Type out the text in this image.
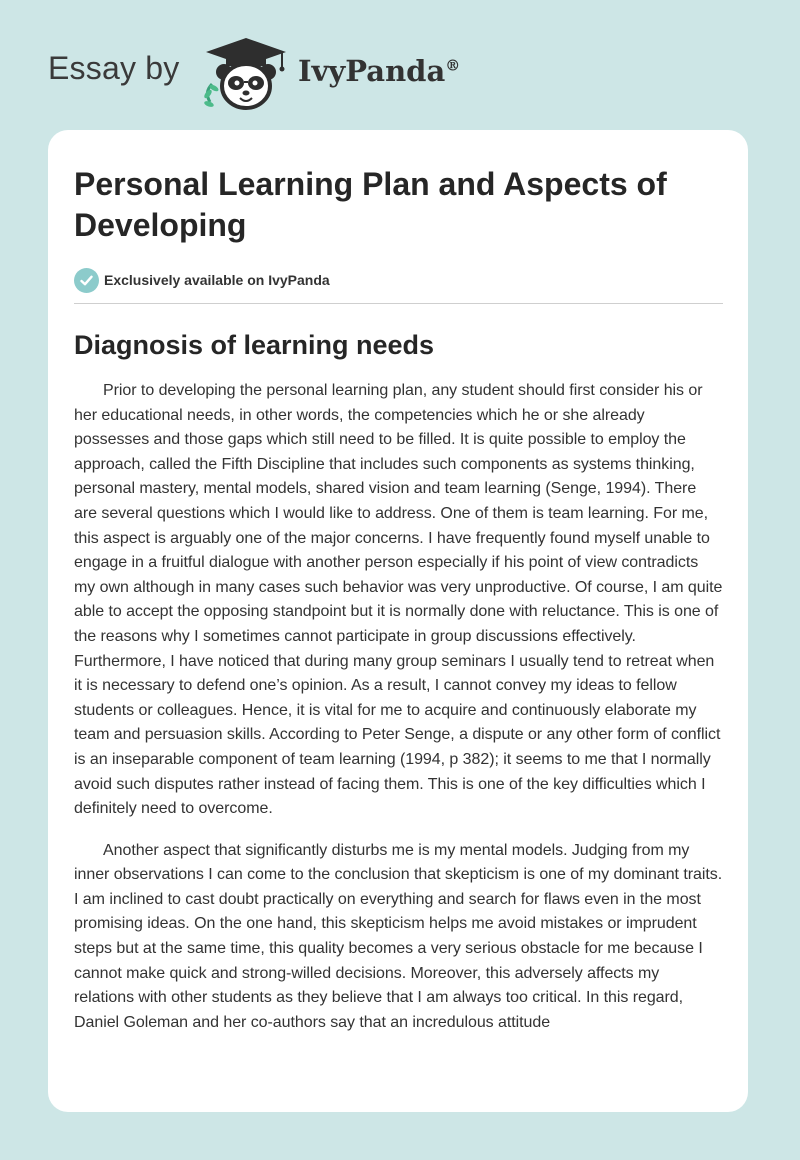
Essay by	IvyPanda®
Personal Learning Plan and Aspects of Developing
Exclusively available on IvyPanda
Diagnosis of learning needs

Prior to developing the personal learning plan, any student should first consider his or her educational needs, in other words, the competencies which he or she already possesses and those gaps which still need to be filled. It is quite possible to employ the approach, called the Fifth Discipline that includes such components as systems thinking, personal mastery, mental models, shared vision and team learning (Senge, 1994). There are several questions which I would like to address. One of them is team learning. For me, this aspect is arguably one of the major concerns. I have frequently found myself unable to engage in a fruitful dialogue with another person especially if his point of view contradicts my own although in many cases such behavior was very unproductive. Of course, I am quite able to accept the opposing standpoint but it is normally done with reluctance. This is one of the reasons why I sometimes cannot participate in group discussions effectively. Furthermore, I have noticed that during many group seminars I usually tend to retreat when it is necessary to defend one’s opinion. As a result, I cannot convey my ideas to fellow students or colleagues. Hence, it is vital for me to acquire and continuously elaborate my team and persuasion skills. According to Peter Senge, a dispute or any other form of conflict is an inseparable component of team learning (1994, p 382); it seems to me that I normally avoid such disputes rather instead of facing them. This is one of the key difficulties which I definitely need to overcome.

Another aspect that significantly disturbs me is my mental models. Judging from my inner observations I can come to the conclusion that skepticism is one of my dominant traits. I am inclined to cast doubt practically on everything and search for flaws even in the most promising ideas. On the one hand, this skepticism helps me avoid mistakes or imprudent steps but at the same time, this quality becomes a very serious obstacle for me because I cannot make quick and strong-willed decisions. Moreover, this adversely affects my relations with other students as they believe that I am always too critical. In this regard, Daniel Goleman and her co-authors say that an incredulous attitude
